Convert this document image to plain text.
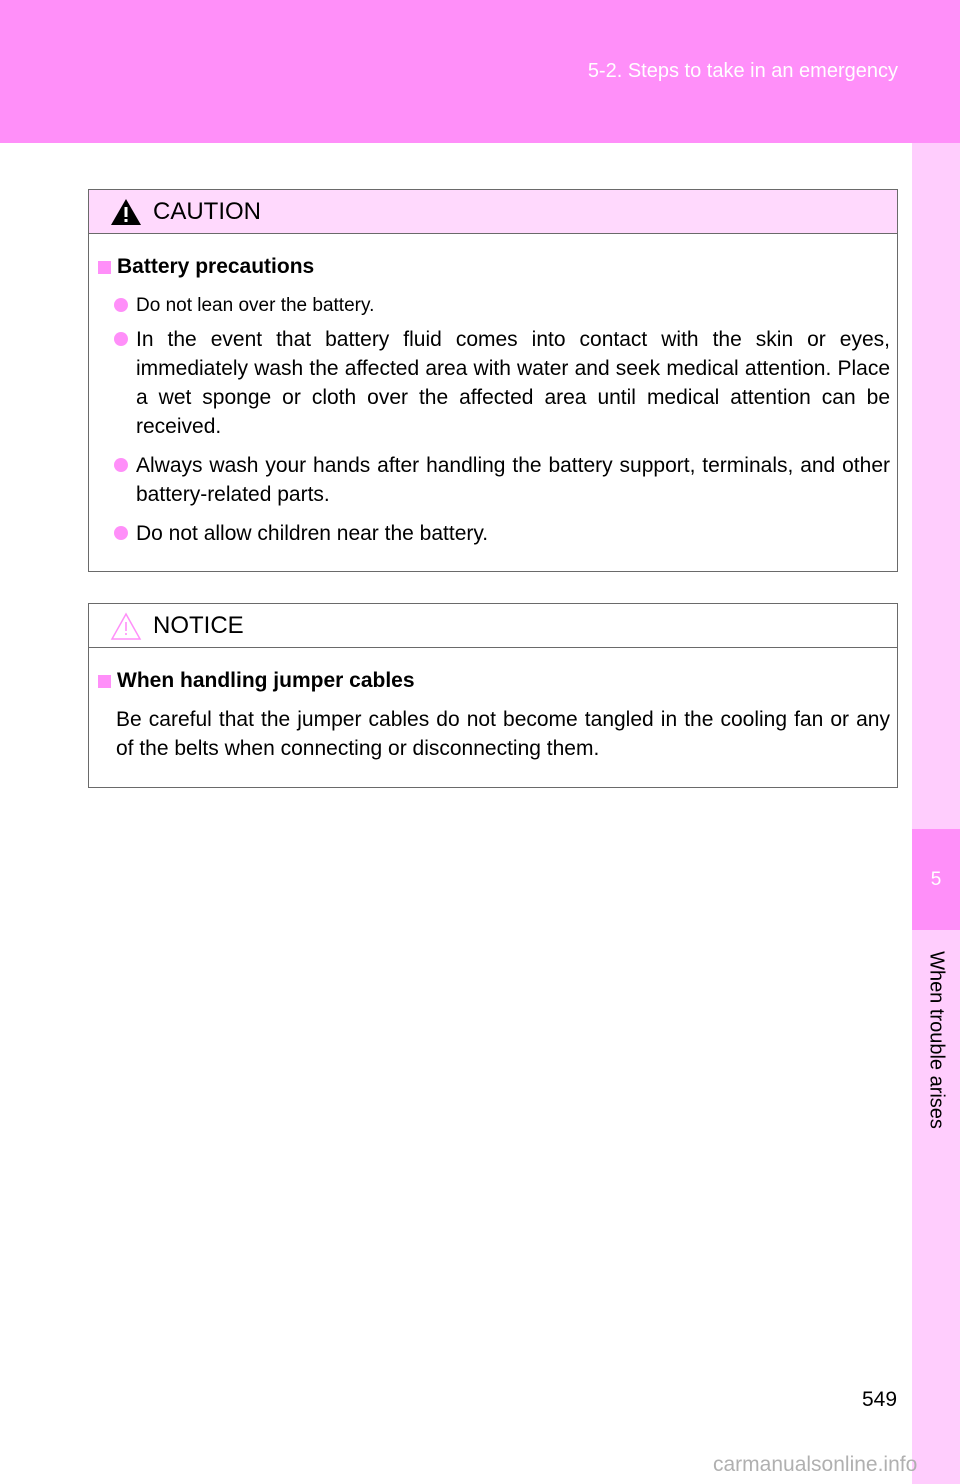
5-2. Steps to take in an emergency
5
When trouble arises
CAUTION
Battery precautions
Do not lean over the battery.
In the event that battery fluid comes into contact with the skin or eyes, immediately wash the affected area with water and seek medical attention. Place a wet sponge or cloth over the affected area until medical attention can be received.
Always wash your hands after handling the battery support, terminals, and other battery-related parts.
Do not allow children near the battery.
NOTICE
When handling jumper cables
Be careful that the jumper cables do not become tangled in the cooling fan or any of the belts when connecting or disconnecting them.
549
carmanualsonline.info
